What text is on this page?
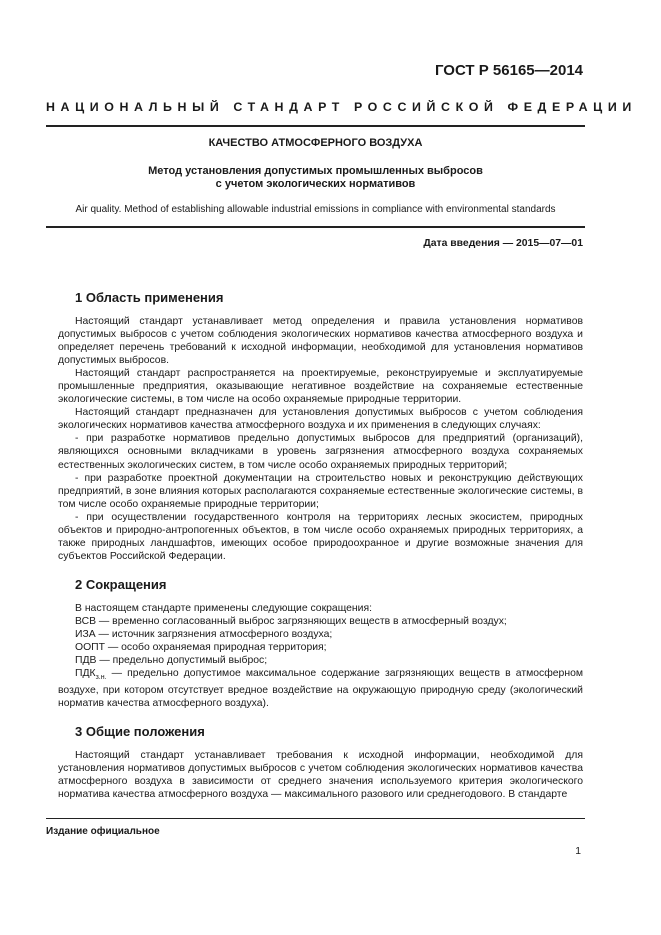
ГОСТ Р 56165—2014
НАЦИОНАЛЬНЫЙ СТАНДАРТ РОССИЙСКОЙ ФЕДЕРАЦИИ
КАЧЕСТВО АТМОСФЕРНОГО ВОЗДУХА
Метод установления допустимых промышленных выбросов
с учетом экологических нормативов
Air quality. Method of establishing allowable industrial emissions in compliance with environmental standards
Дата введения — 2015—07—01
1 Область применения

Настоящий стандарт устанавливает метод определения и правила установления нормативов допустимых выбросов с учетом соблюдения экологических нормативов качества атмосферного воздуха и определяет перечень требований к исходной информации, необходимой для установления нормативов допустимых выбросов.

Настоящий стандарт распространяется на проектируемые, реконструируемые и эксплуатируемые промышленные предприятия, оказывающие негативное воздействие на сохраняемые естественные экологические системы, в том числе на особо охраняемые природные территории.

Настоящий стандарт предназначен для установления допустимых выбросов с учетом соблюдения экологических нормативов качества атмосферного воздуха и их применения в следующих случаях:

- при разработке нормативов предельно допустимых выбросов для предприятий (организаций), являющихся основными вкладчиками в уровень загрязнения атмосферного воздуха сохраняемых естественных экологических систем, в том числе особо охраняемых природных территорий;

- при разработке проектной документации на строительство новых и реконструкцию действующих предприятий, в зоне влияния которых располагаются сохраняемые естественные экологические системы, в том числе особо охраняемые природные территории;

- при осуществлении государственного контроля на территориях лесных экосистем, природных объектов и природно-антропогенных объектов, в том числе особо охраняемых природных территориях, а также природных ландшафтов, имеющих особое природоохранное и другие возможные значения для субъектов Российской Федерации.

2 Сокращения

В настоящем стандарте применены следующие сокращения:

ВСВ — временно согласованный выброс загрязняющих веществ в атмосферный воздух;

ИЗА — источник загрязнения атмосферного воздуха;

ООПТ — особо охраняемая природная территория;

ПДВ — предельно допустимый выброс;

$ПДК_{з.н.}$ — предельно допустимое максимальное содержание загрязняющих веществ в атмосферном воздухе, при котором отсутствует вредное воздействие на окружающую природную среду (экологический норматив качества атмосферного воздуха).

3 Общие положения

Настоящий стандарт устанавливает требования к исходной информации, необходимой для установления нормативов допустимых выбросов с учетом соблюдения экологических нормативов качества атмосферного воздуха в зависимости от среднего значения используемого критерия экологического норматива качества атмосферного воздуха — максимального разового или среднегодового. В стандарте

Издание официальное
1
